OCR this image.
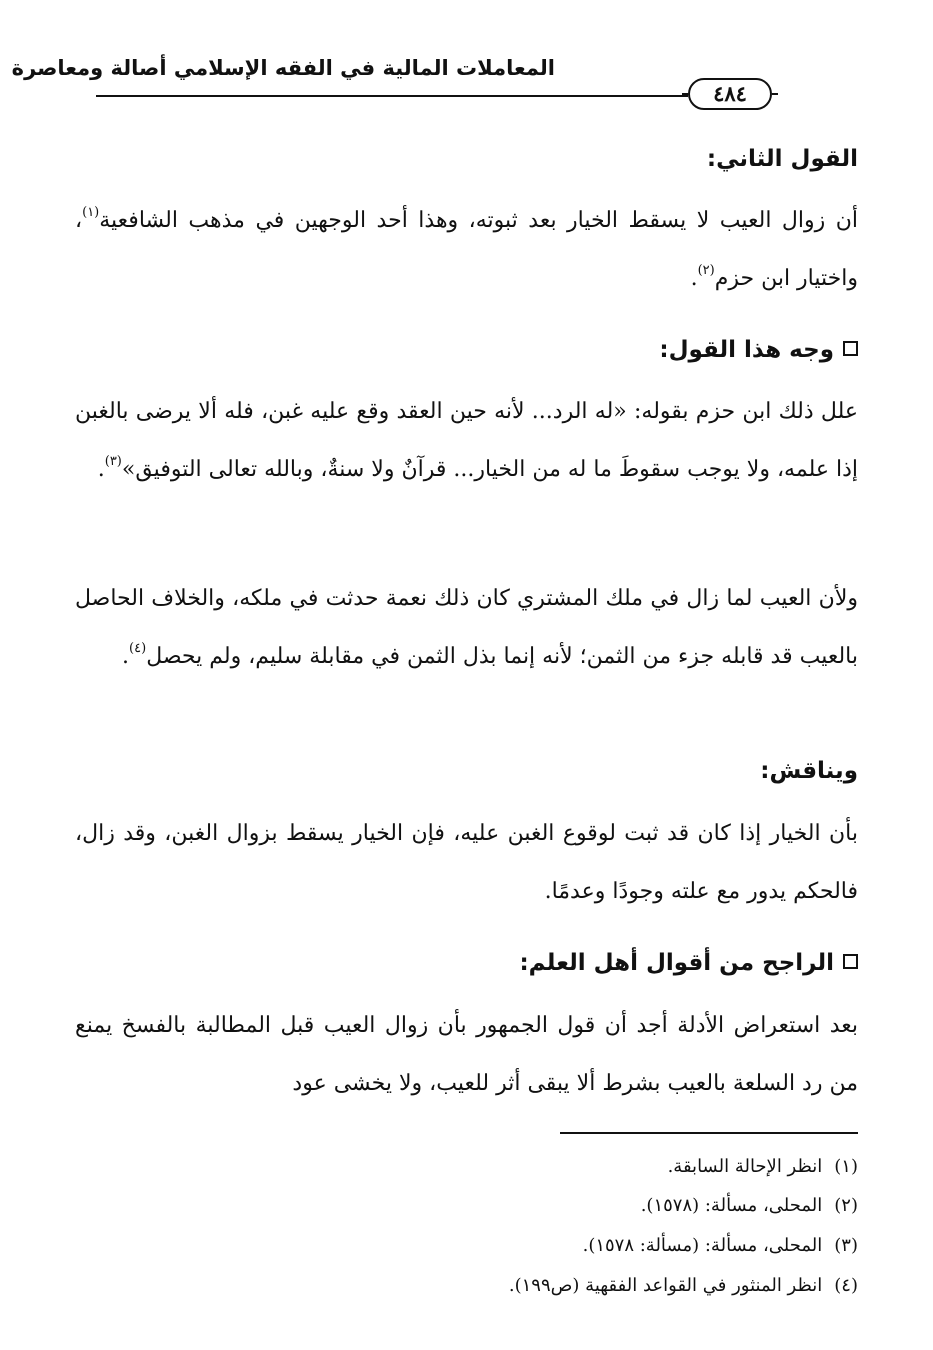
المعاملات المالية في الفقه الإسلامي أصالة ومعاصرة
٤٨٤
القول الثاني:

أن زوال العيب لا يسقط الخيار بعد ثبوته، وهذا أحد الوجهين في مذهب الشافعية$^{(١)}$، واختيار ابن حزم$^{(٢)}$.

وجه هذا القول:

علل ذلك ابن حزم بقوله: «له الرد... لأنه حين العقد وقع عليه غبن، فله ألا يرضى بالغبن إذا علمه، ولا يوجب سقوطَ ما له من الخيار... قرآنٌ ولا سنةٌ، وبالله تعالى التوفيق»$^{(٣)}$.

ولأن العيب لما زال في ملك المشتري كان ذلك نعمة حدثت في ملكه، والخلاف الحاصل بالعيب قد قابله جزء من الثمن؛ لأنه إنما بذل الثمن في مقابلة سليم، ولم يحصل$^{(٤)}$.

ويناقش:

بأن الخيار إذا كان قد ثبت لوقوع الغبن عليه، فإن الخيار يسقط بزوال الغبن، وقد زال، فالحكم يدور مع علته وجودًا وعدمًا.

الراجح من أقوال أهل العلم:

بعد استعراض الأدلة أجد أن قول الجمهور بأن زوال العيب قبل المطالبة بالفسخ يمنع من رد السلعة بالعيب بشرط ألا يبقى أثر للعيب، ولا يخشى عود

(١)انظر الإحالة السابقة.
(٢)المحلى، مسألة: (١٥٧٨).
(٣)المحلى، مسألة: (مسألة: ١٥٧٨).
(٤)انظر المنثور في القواعد الفقهية (ص١٩٩).
